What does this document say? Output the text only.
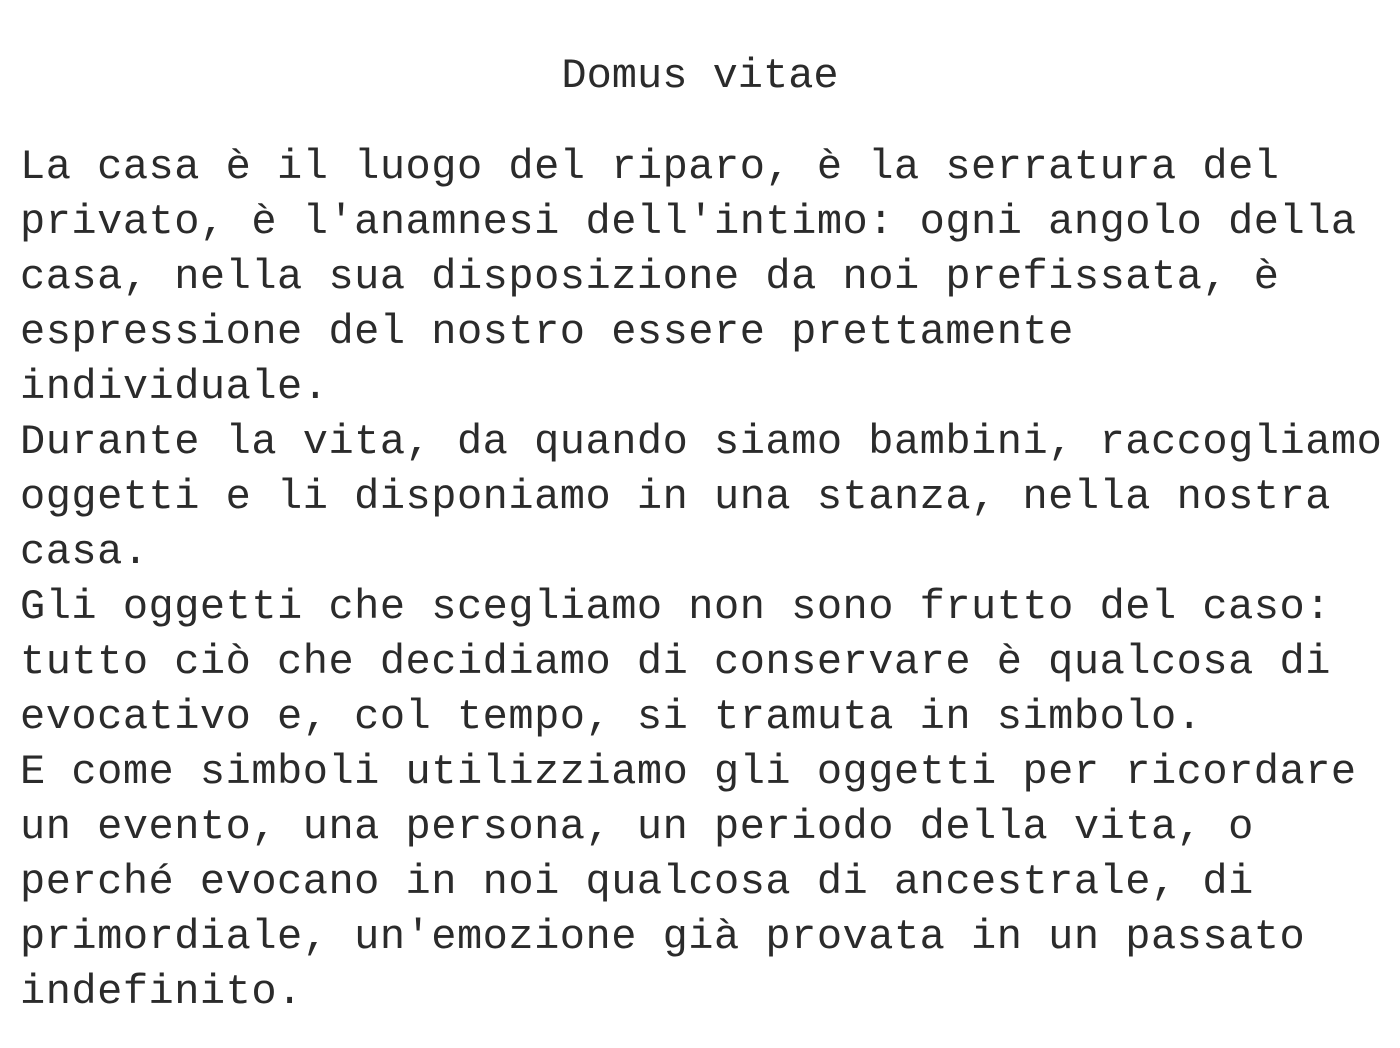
Domus vitae
La casa è il luogo del riparo, è la serratura del
privato, è l'anamnesi dell'intimo: ogni angolo della
casa, nella sua disposizione da noi prefissata, è
espressione del nostro essere prettamente
individuale.
Durante la vita, da quando siamo bambini, raccogliamo
oggetti e li disponiamo in una stanza, nella nostra
casa.
Gli oggetti che scegliamo non sono frutto del caso:
tutto ciò che decidiamo di conservare è qualcosa di
evocativo e, col tempo, si tramuta in simbolo.
E come simboli utilizziamo gli oggetti per ricordare
un evento, una persona, un periodo della vita, o
perché evocano in noi qualcosa di ancestrale, di
primordiale, un'emozione già provata in un passato
indefinito.
